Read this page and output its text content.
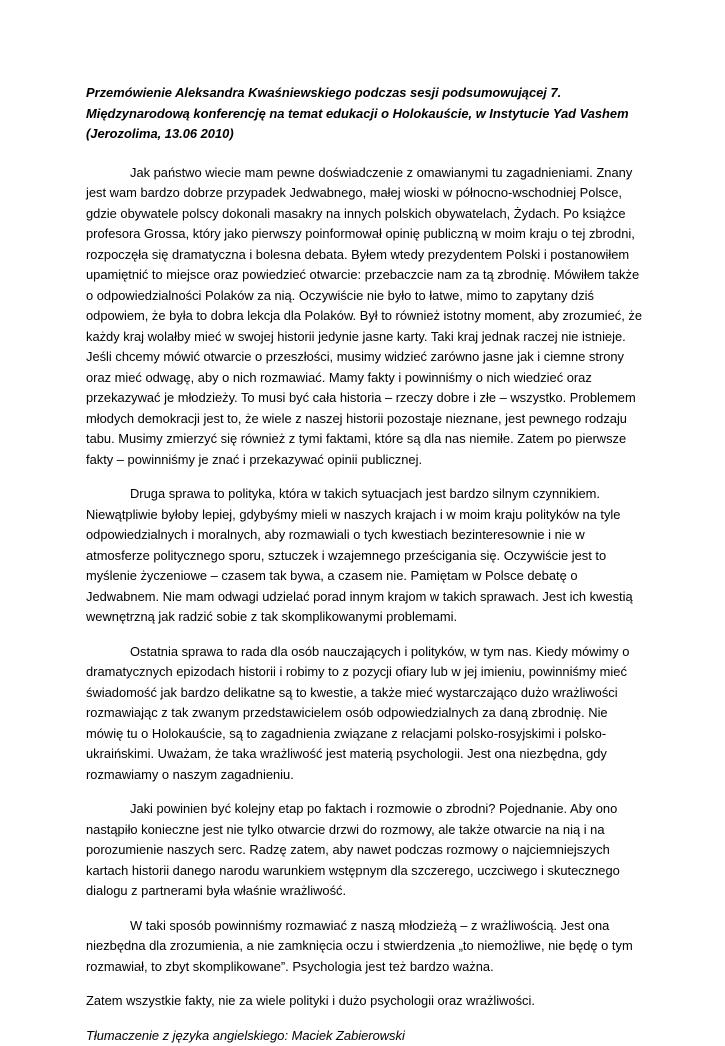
Przemówienie Aleksandra Kwaśniewskiego podczas sesji podsumowującej 7. Międzynarodową konferencję na temat edukacji o Holokauście, w Instytucie Yad Vashem (Jerozolima, 13.06 2010)

Jak państwo wiecie mam pewne doświadczenie z omawianymi tu zagadnieniami. Znany jest wam bardzo dobrze przypadek Jedwabnego, małej wioski w północno-wschodniej Polsce, gdzie obywatele polscy dokonali masakry na innych polskich obywatelach, Żydach. Po książce profesora Grossa, który jako pierwszy poinformował opinię publiczną w moim kraju o tej zbrodni, rozpoczęła się dramatyczna i bolesna debata. Byłem wtedy prezydentem Polski i postanowiłem upamiętnić to miejsce oraz powiedzieć otwarcie: przebaczcie nam za tą zbrodnię. Mówiłem także o odpowiedzialności Polaków za nią. Oczywiście nie było to łatwe, mimo to zapytany dziś odpowiem, że była to dobra lekcja dla Polaków. Był to również istotny moment, aby zrozumieć, że każdy kraj wolałby mieć w swojej historii jedynie jasne karty. Taki kraj jednak raczej nie istnieje. Jeśli chcemy mówić otwarcie o przeszłości, musimy widzieć zarówno jasne jak i ciemne strony oraz mieć odwagę, aby o nich rozmawiać. Mamy fakty i powinniśmy o nich wiedzieć oraz przekazywać je młodzieży. To musi być cała historia – rzeczy dobre i złe – wszystko. Problemem młodych demokracji jest to, że wiele z naszej historii pozostaje nieznane, jest pewnego rodzaju tabu. Musimy zmierzyć się również z tymi faktami, które są dla nas niemiłe. Zatem po pierwsze fakty – powinniśmy je znać i przekazywać opinii publicznej.

Druga sprawa to polityka, która w takich sytuacjach jest bardzo silnym czynnikiem. Niewątpliwie byłoby lepiej, gdybyśmy mieli w naszych krajach i w moim kraju polityków na tyle odpowiedzialnych i moralnych, aby rozmawiali o tych kwestiach bezinteresownie i nie w atmosferze politycznego sporu, sztuczek i wzajemnego prześcigania się. Oczywiście jest to myślenie życzeniowe – czasem tak bywa, a czasem nie. Pamiętam w Polsce debatę o Jedwabnem. Nie mam odwagi udzielać porad innym krajom w takich sprawach. Jest ich kwestią wewnętrzną jak radzić sobie z tak skomplikowanymi problemami.

Ostatnia sprawa to rada dla osób nauczających i polityków, w tym nas. Kiedy mówimy o dramatycznych epizodach historii i robimy to z pozycji ofiary lub w jej imieniu, powinniśmy mieć świadomość jak bardzo delikatne są to kwestie, a także mieć wystarczająco dużo wrażliwości rozmawiając z tak zwanym przedstawicielem osób odpowiedzialnych za daną zbrodnię. Nie mówię tu o Holokauście, są to zagadnienia związane z relacjami polsko-rosyjskimi i polsko-ukraińskimi. Uważam, że taka wrażliwość jest materią psychologii. Jest ona niezbędna, gdy rozmawiamy o naszym zagadnieniu.

Jaki powinien być kolejny etap po faktach i rozmowie o zbrodni? Pojednanie. Aby ono nastąpiło konieczne jest nie tylko otwarcie drzwi do rozmowy, ale także otwarcie na nią i na porozumienie naszych serc. Radzę zatem, aby nawet podczas rozmowy o najciemniejszych kartach historii danego narodu warunkiem wstępnym dla szczerego, uczciwego i skutecznego dialogu z partnerami była właśnie wrażliwość.

W taki sposób powinniśmy rozmawiać z naszą młodzieżą – z wrażliwością. Jest ona niezbędna dla zrozumienia, a nie zamknięcia oczu i stwierdzenia „to niemożliwe, nie będę o tym rozmawiał, to zbyt skomplikowane”. Psychologia jest też bardzo ważna.

Zatem wszystkie fakty, nie za wiele polityki i dużo psychologii oraz wrażliwości.

Tłumaczenie z języka angielskiego: Maciek Zabierowski
